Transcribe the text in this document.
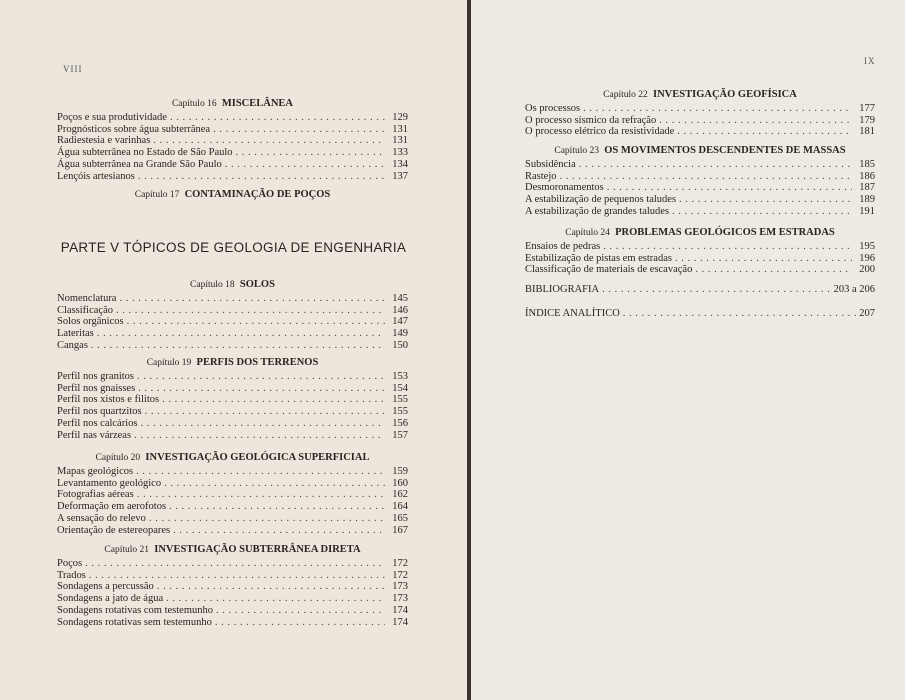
VIII
Capítulo 16 MISCELÂNEA
Poços e sua produtividade . . .	129
Prognósticos sobre água subterrânea . . .	131
Radiestesia e varinhas . . .	131
Água subterrânea no Estado de São Paulo . . .	133
Água subterrânea na Grande São Paulo . . .	134
Lençóis artesianos . . .	137
Capítulo 17 CONTAMINAÇÃO DE POÇOS
PARTE V TÓPICOS DE GEOLOGIA DE ENGENHARIA
Capítulo 18 SOLOS
Nomenclatura . . .	145
Classificação . . .	146
Solos orgânicos . . .	147
Lateritas . . .	149
Cangas . . .	150
Capítulo 19 PERFIS DOS TERRENOS
Perfil nos granitos . . .	153
Perfil nos gnaisses . . .	154
Perfil nos xistos e filitos . . .	155
Perfil nos quartzitos . . .	155
Perfil nos calcários . . .	156
Perfil nas várzeas . . .	157
Capítulo 20 INVESTIGAÇÃO GEOLÓGICA SUPERFICIAL
Mapas geológicos . . .	159
Levantamento geológico . . .	160
Fotografias aéreas . . .	162
Deformação em aerofotos . . .	164
A sensação do relevo . . .	165
Orientação de estereopares . . .	167
Capítulo 21 INVESTIGAÇÃO SUBTERRÂNEA DIRETA
Poços . . .	172
Trados . . .	172
Sondagens a percussão . . .	173
Sondagens a jato de água . . .	173
Sondagens rotativas com testemunho . . .	174
Sondagens rotativas sem testemunho . . .	174
IX
Capítulo 22 INVESTIGAÇÃO GEOFÍSICA
Os processos . . .	177
O processo sísmico da refração . . .	179
O processo elétrico da resistividade . . .	181
Capítulo 23 OS MOVIMENTOS DESCENDENTES DE MASSAS
Subsidência . . .	185
Rastejo . . .	186
Desmoronamentos . . .	187
A estabilização de pequenos taludes . . .	189
A estabilização de grandes taludes . . .	191
Capítulo 24 PROBLEMAS GEOLÓGICOS EM ESTRADAS
Ensaios de pedras . . .	195
Estabilização de pistas em estradas . . .	196
Classificação de materiais de escavação . . .	200
BIBLIOGRAFIA . . .	203 a 206
ÍNDICE ANALÍTICO . . .	207
